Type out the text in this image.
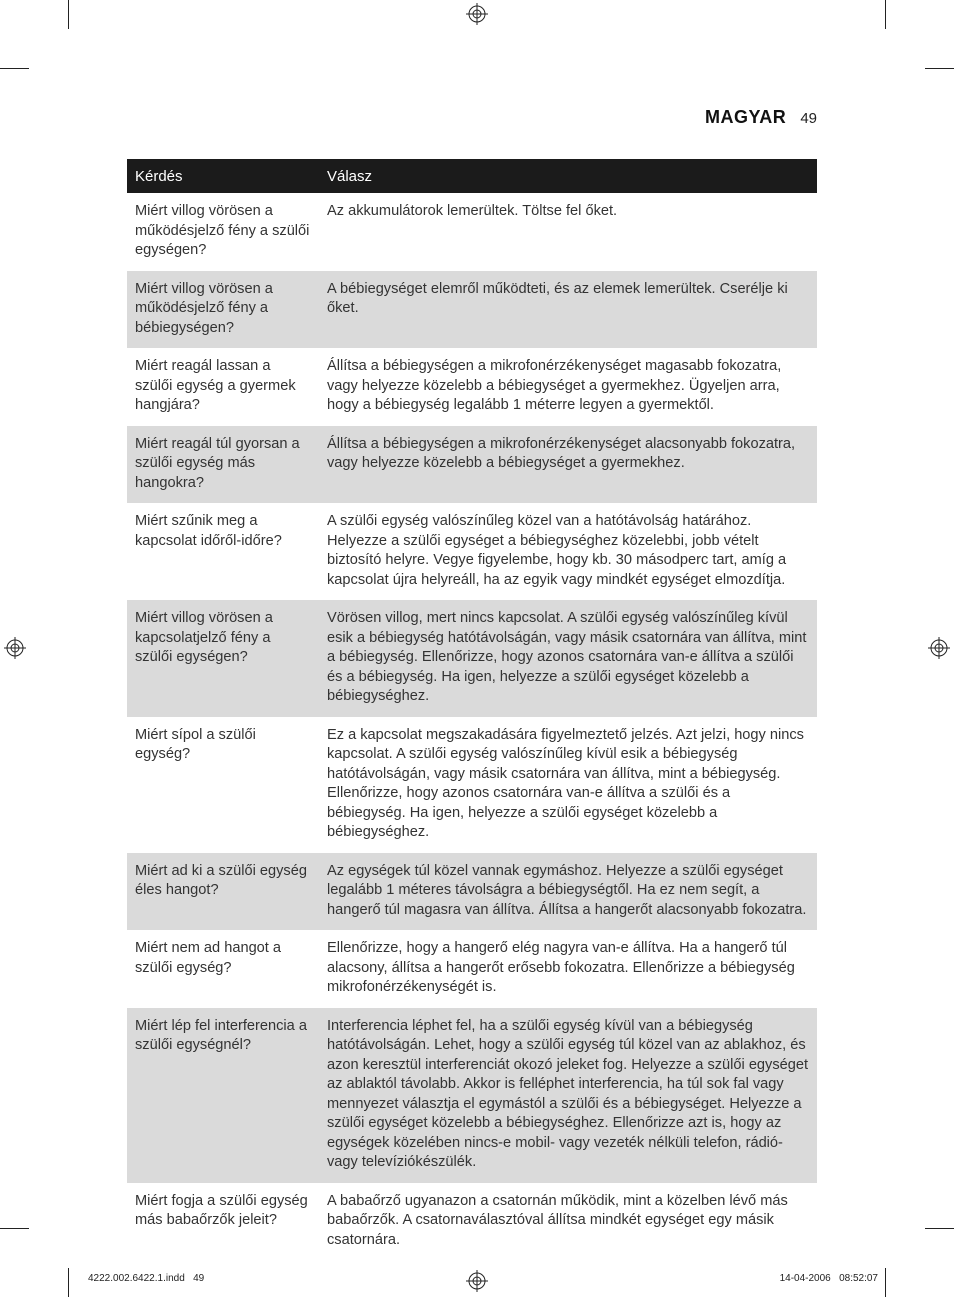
MAGYAR 49
Kérdés	Válasz
Miért villog vörösen a működésjelző fény a szülői egységen?	Az akkumulátorok lemerültek. Töltse fel őket.
Miért villog vörösen a működésjelző fény a bébiegységen?	A bébiegységet elemről működteti, és az elemek lemerültek. Cserélje ki őket.
Miért reagál lassan a szülői egység a gyermek hangjára?	Állítsa a bébiegységen a mikrofonérzékenységet magasabb fokozatra, vagy helyezze közelebb a bébiegységet a gyermekhez. Ügyeljen arra, hogy a bébiegység legalább 1 méterre legyen a gyermektől.
Miért reagál túl gyorsan a szülői egység más hangokra?	Állítsa a bébiegységen a mikrofonérzékenységet alacsonyabb fokozatra, vagy helyezze közelebb a bébiegységet a gyermekhez.
Miért szűnik meg a kapcsolat időről-időre?	A szülői egység valószínűleg közel van a hatótávolság határához. Helyezze a szülői egységet a bébiegységhez közelebbi, jobb vételt biztosító helyre. Vegye figyelembe, hogy kb. 30 másodperc tart, amíg a kapcsolat újra helyreáll, ha az egyik vagy mindkét egységet elmozdítja.
Miért villog vörösen a kapcsolatjelző fény a szülői egységen?	Vörösen villog, mert nincs kapcsolat. A szülői egység valószínűleg kívül esik a bébiegység hatótávolságán, vagy másik csatornára van állítva, mint a bébiegység. Ellenőrizze, hogy azonos csatornára van-e állítva a szülői és a bébiegység. Ha igen, helyezze a szülői egységet közelebb a bébiegységhez.
Miért sípol a szülői egység?	Ez a kapcsolat megszakadására figyelmeztető jelzés. Azt jelzi, hogy nincs kapcsolat. A szülői egység valószínűleg kívül esik a bébiegység hatótávolságán, vagy másik csatornára van állítva, mint a bébiegység. Ellenőrizze, hogy azonos csatornára van-e állítva a szülői és a bébiegység. Ha igen, helyezze a szülői egységet közelebb a bébiegységhez.
Miért ad ki a szülői egység éles hangot?	Az egységek túl közel vannak egymáshoz. Helyezze a szülői egységet legalább 1 méteres távolságra a bébiegységtől. Ha ez nem segít, a hangerő túl magasra van állítva. Állítsa a hangerőt alacsonyabb fokozatra.
Miért nem ad hangot a szülői egység?	Ellenőrizze, hogy a hangerő elég nagyra van-e állítva. Ha a hangerő túl alacsony, állítsa a hangerőt erősebb fokozatra. Ellenőrizze a bébiegység mikrofonérzékenységét is.
Miért lép fel interferencia a szülői egységnél?	Interferencia léphet fel, ha a szülői egység kívül van a bébiegység hatótávolságán. Lehet, hogy a szülői egység túl közel van az ablakhoz, és azon keresztül interferenciát okozó jeleket fog. Helyezze a szülői egységet az ablaktól távolabb. Akkor is felléphet interferencia, ha túl sok fal vagy mennyezet választja el egymástól a szülői és a bébiegységet. Helyezze a szülői egységet közelebb a bébiegységhez. Ellenőrizze azt is, hogy az egységek közelében nincs-e mobil- vagy vezeték nélküli telefon, rádió- vagy televíziókészülék.
Miért fogja a szülői egység más babaőrzők jeleit?	A babaőrző ugyanazon a csatornán működik, mint a közelben lévő más babaőrzők. A csatornaválasztóval állítsa mindkét egységet egy másik csatornára.
4222.002.6422.1.indd   49	14-04-2006   08:52:07
